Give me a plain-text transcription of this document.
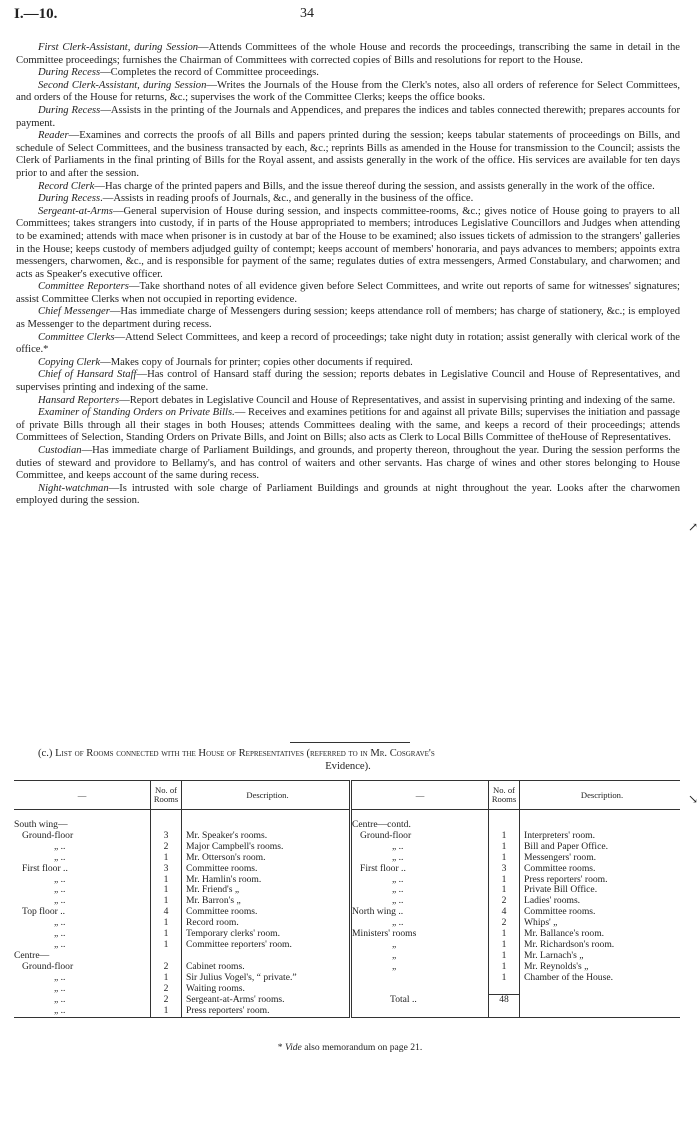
I.—10.	34

First Clerk-Assistant, during Session—Attends Committees of the whole House and records the proceedings, transcribing the same in detail in the Committee proceedings; furnishes the Chairman of Committees with corrected copies of Bills and resolutions for report to the House.

During Recess—Completes the record of Committee proceedings.

Second Clerk-Assistant, during Session—Writes the Journals of the House from the Clerk's notes, also all orders of reference for Select Committees, and orders of the House for returns, &c.; supervises the work of the Committee Clerks; keeps the office books.

During Recess—Assists in the printing of the Journals and Appendices, and prepares the indices and tables connected therewith; prepares accounts for payment.

Reader—Examines and corrects the proofs of all Bills and papers printed during the session; keeps tabular statements of proceedings on Bills, and schedule of Select Committees, and the business transacted by each, &c.; reprints Bills as amended in the House for transmission to the Council; assists the Clerk of Parliaments in the final printing of Bills for the Royal assent, and assists generally in the work of the office. His services are available for ten days prior to and after the session.

Record Clerk—Has charge of the printed papers and Bills, and the issue thereof during the session, and assists generally in the work of the office.

During Recess.—Assists in reading proofs of Journals, &c., and generally in the business of the office.

Sergeant-at-Arms—General supervision of House during session, and inspects committee-rooms, &c.; gives notice of House going to prayers to all Committees; takes strangers into custody, if in parts of the House appropriated to members; introduces Legislative Councillors and Judges when attending to be examined; attends with mace when prisoner is in custody at bar of the House to be examined; also issues tickets of admission to the strangers' galleries in the House; keeps custody of members adjudged guilty of contempt; keeps account of members' honoraria, and pays advances to members; appoints extra messengers, charwomen, &c., and is responsible for payment of the same; regulates duties of extra messengers, Armed Constabulary, and charwomen; and acts as Speaker's executive officer.

Committee Reporters—Take shorthand notes of all evidence given before Select Committees, and write out reports of same for witnesses' signatures; assist Committee Clerks when not occupied in reporting evidence.

Chief Messenger—Has immediate charge of Messengers during session; keeps attendance roll of members; has charge of stationery, &c.; is employed as Messenger to the department during recess.

Committee Clerks—Attend Select Committees, and keep a record of proceedings; take night duty in rotation; assist generally with clerical work of the office.*

Copying Clerk—Makes copy of Journals for printer; copies other documents if required.

Chief of Hansard Staff—Has control of Hansard staff during the session; reports debates in Legislative Council and House of Representatives, and supervises printing and indexing of the same.

Hansard Reporters—Report debates in Legislative Council and House of Representatives, and assist in supervising printing and indexing of the same.

Examiner of Standing Orders on Private Bills.— Receives and examines petitions for and against all private Bills; supervises the initiation and passage of private Bills through all their stages in both Houses; attends Committees dealing with the same, and keeps a record of their proceedings; attends Committees of Selection, Standing Orders on Private Bills, and Joint on Bills; also acts as Clerk to Local Bills Committee of theHouse of Representatives.

Custodian—Has immediate charge of Parliament Buildings, and grounds, and property thereon, throughout the year. During the session performs the duties of steward and providore to Bellamy's, and has control of waiters and other servants. Has charge of wines and other stores belonging to House Committee, and keeps account of the same during recess.

Night-watchman—Is intrusted with sole charge of Parliament Buildings and grounds at night throughout the year. Looks after the charwomen employed during the session.

(c.) List of Rooms connected with the House of Representatives (referred to in Mr. Cosgrave's
Evidence).
—	No. of
Rooms	Description.	—	No. of
Rooms	Description.

South wing—			Centre—contd.		
Ground-floor	3	Mr. Speaker's rooms.	Ground-floor	1	Interpreters' room.
„ ..	2	Major Campbell's rooms.	„ ..	1	Bill and Paper Office.
„ ..	1	Mr. Otterson's room.	„ ..	1	Messengers' room.
First floor ..	3	Committee rooms.	First floor ..	3	Committee rooms.
„ ..	1	Mr. Hamlin's room.	„ ..	1	Press reporters' room.
„ ..	1	Mr. Friend's „	„ ..	1	Private Bill Office.
„ ..	1	Mr. Barron's „	„ ..	2	Ladies' rooms.
Top floor ..	4	Committee rooms.	North wing ..	4	Committee rooms.
„ ..	1	Record room.	„ ..	2	Whips' „
„ ..	1	Temporary clerks' room.	Ministers' rooms	1	Mr. Ballance's room.
„ ..	1	Committee reporters' room.	„	1	Mr. Richardson's room.
Centre—			„	1	Mr. Larnach's „
Ground-floor	2	Cabinet rooms.	„	1	Mr. Reynolds's „
„ ..	1	Sir Julius Vogel's, “ private.”		1	Chamber of the House.
„ ..	2	Waiting rooms.			
„ ..	2	Sergeant-at-Arms' rooms.	Total ..	48	
„ ..	1	Press reporters' room.			
* Vide also memorandum on page 21.
↗
↘
